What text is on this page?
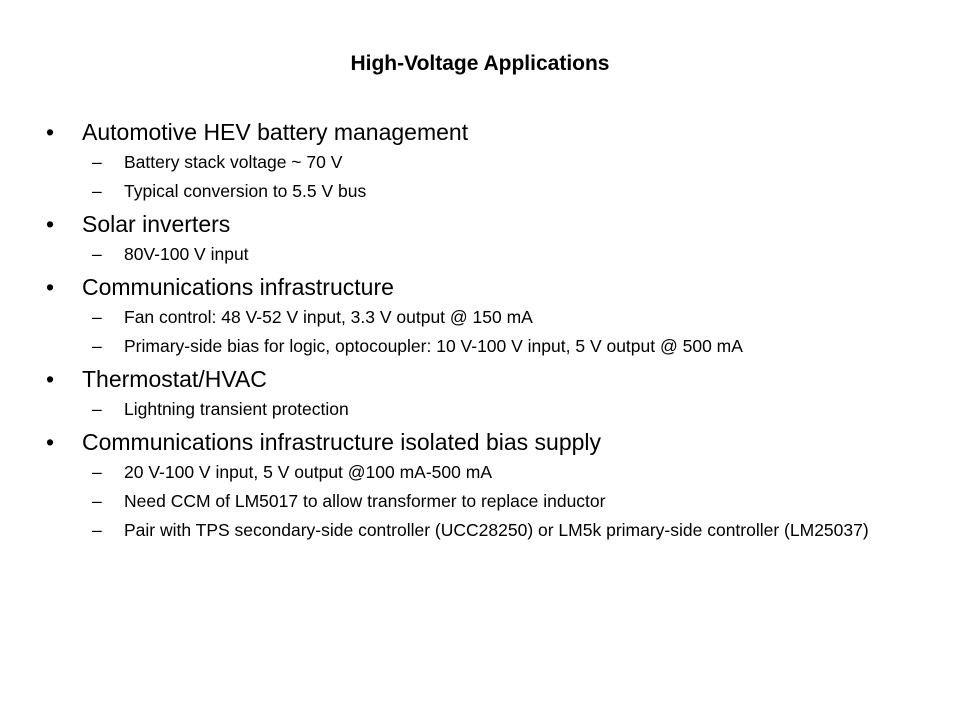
High-Voltage Applications
•	Automotive HEV battery management
–	Battery stack voltage ~ 70 V
–	Typical conversion to 5.5 V bus
•	Solar inverters
–	80V-100 V input
•	Communications infrastructure
–	Fan control: 48 V-52 V input, 3.3 V output @ 150 mA
–	Primary-side bias for logic, optocoupler: 10 V-100 V input, 5 V output @ 500 mA
•	Thermostat/HVAC
–	Lightning transient protection
•	Communications infrastructure isolated bias supply
–	20 V-100 V input, 5 V output @100 mA-500 mA
–	Need CCM of LM5017 to allow transformer to replace inductor
–	Pair with TPS secondary-side controller (UCC28250) or LM5k primary-side controller (LM25037)
